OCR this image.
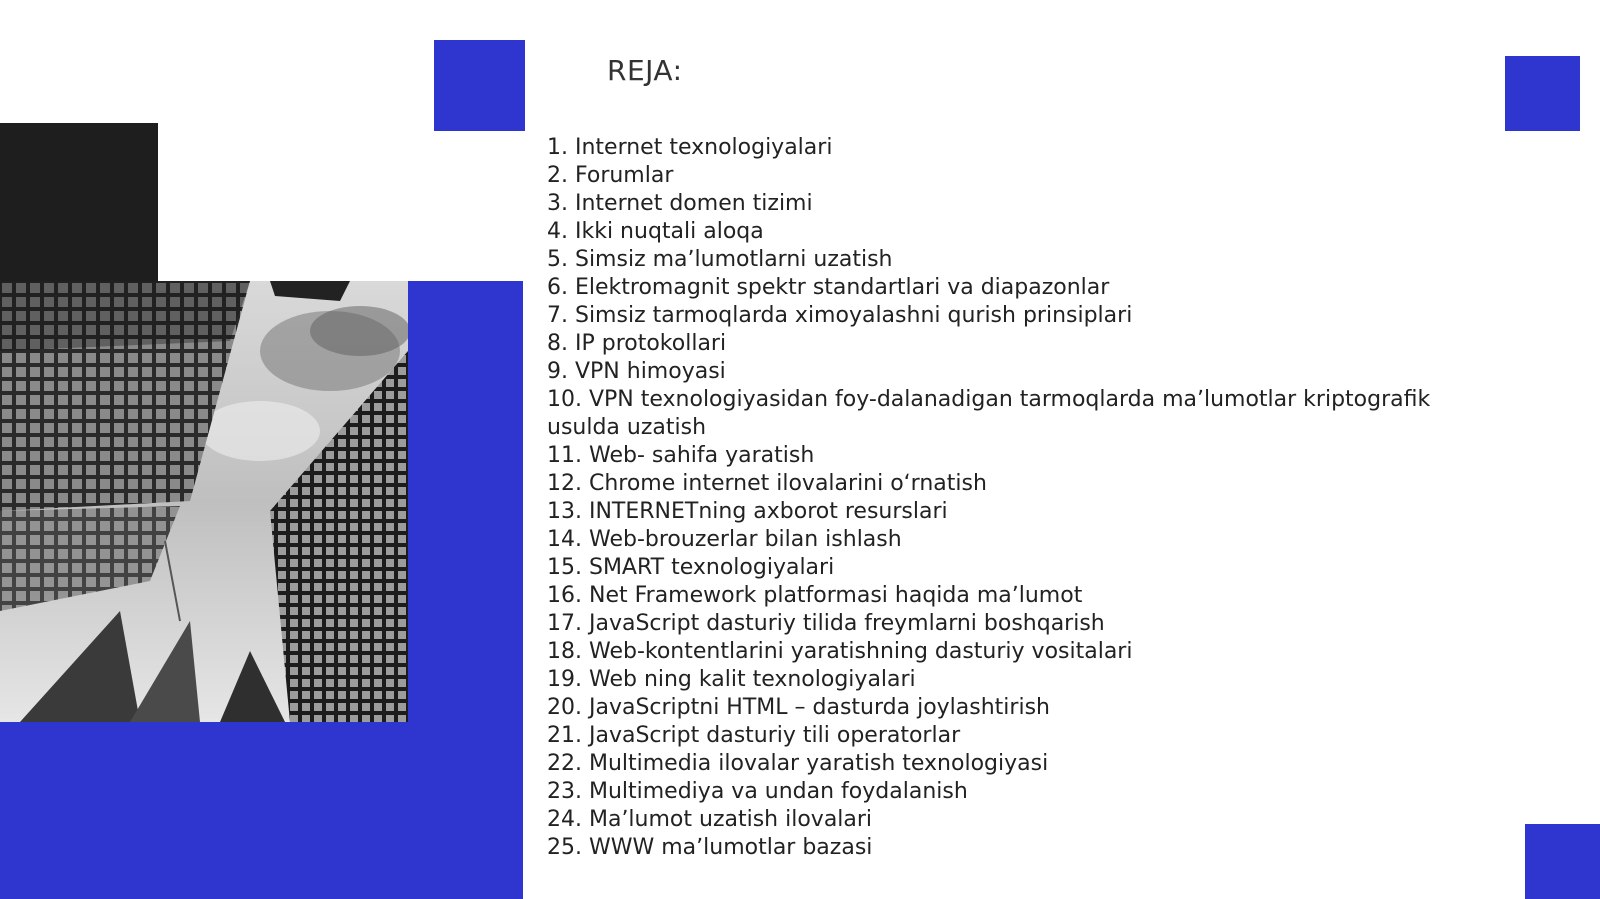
REJA:
1. Internet texnologiyalari
2. Forumlar
3. Internet domen tizimi
4. Ikki nuqtali aloqa
5. Simsiz maʼlumotlarni uzatish
6. Elektromagnit spektr standartlari va diapazonlar
7. Simsiz tarmoqlarda ximoyalashni qurish prinsiplari
8. IP protokollari
9. VPN himoyasi
10. VPN texnologiyasidan foy-dalanadigan tarmoqlarda maʼlumotlar kriptografik usulda uzatish
11. Web- sahifa yaratish
12. Chrome internet ilovalarini oʻrnatish
13. INTERNETning axborot resurslari
14. Web-brouzerlar bilan ishlash
15. SMART texnologiyalari
16. Net Framework platformasi haqida maʼlumot
17. JavaScript dasturiy tilida freymlarni boshqarish
18. Web-kontentlarini yaratishning dasturiy vositalari
19. Web ning kalit texnologiyalari
20. JavaScriptni HTML – dasturda joylashtirish
21. JavaScript dasturiy tili operatorlar
22. Multimedia ilovalar yaratish texnologiyasi
23. Multimediya va undan foydalanish
24. Maʼlumot uzatish ilovalari
25. WWW maʼlumotlar bazasi
